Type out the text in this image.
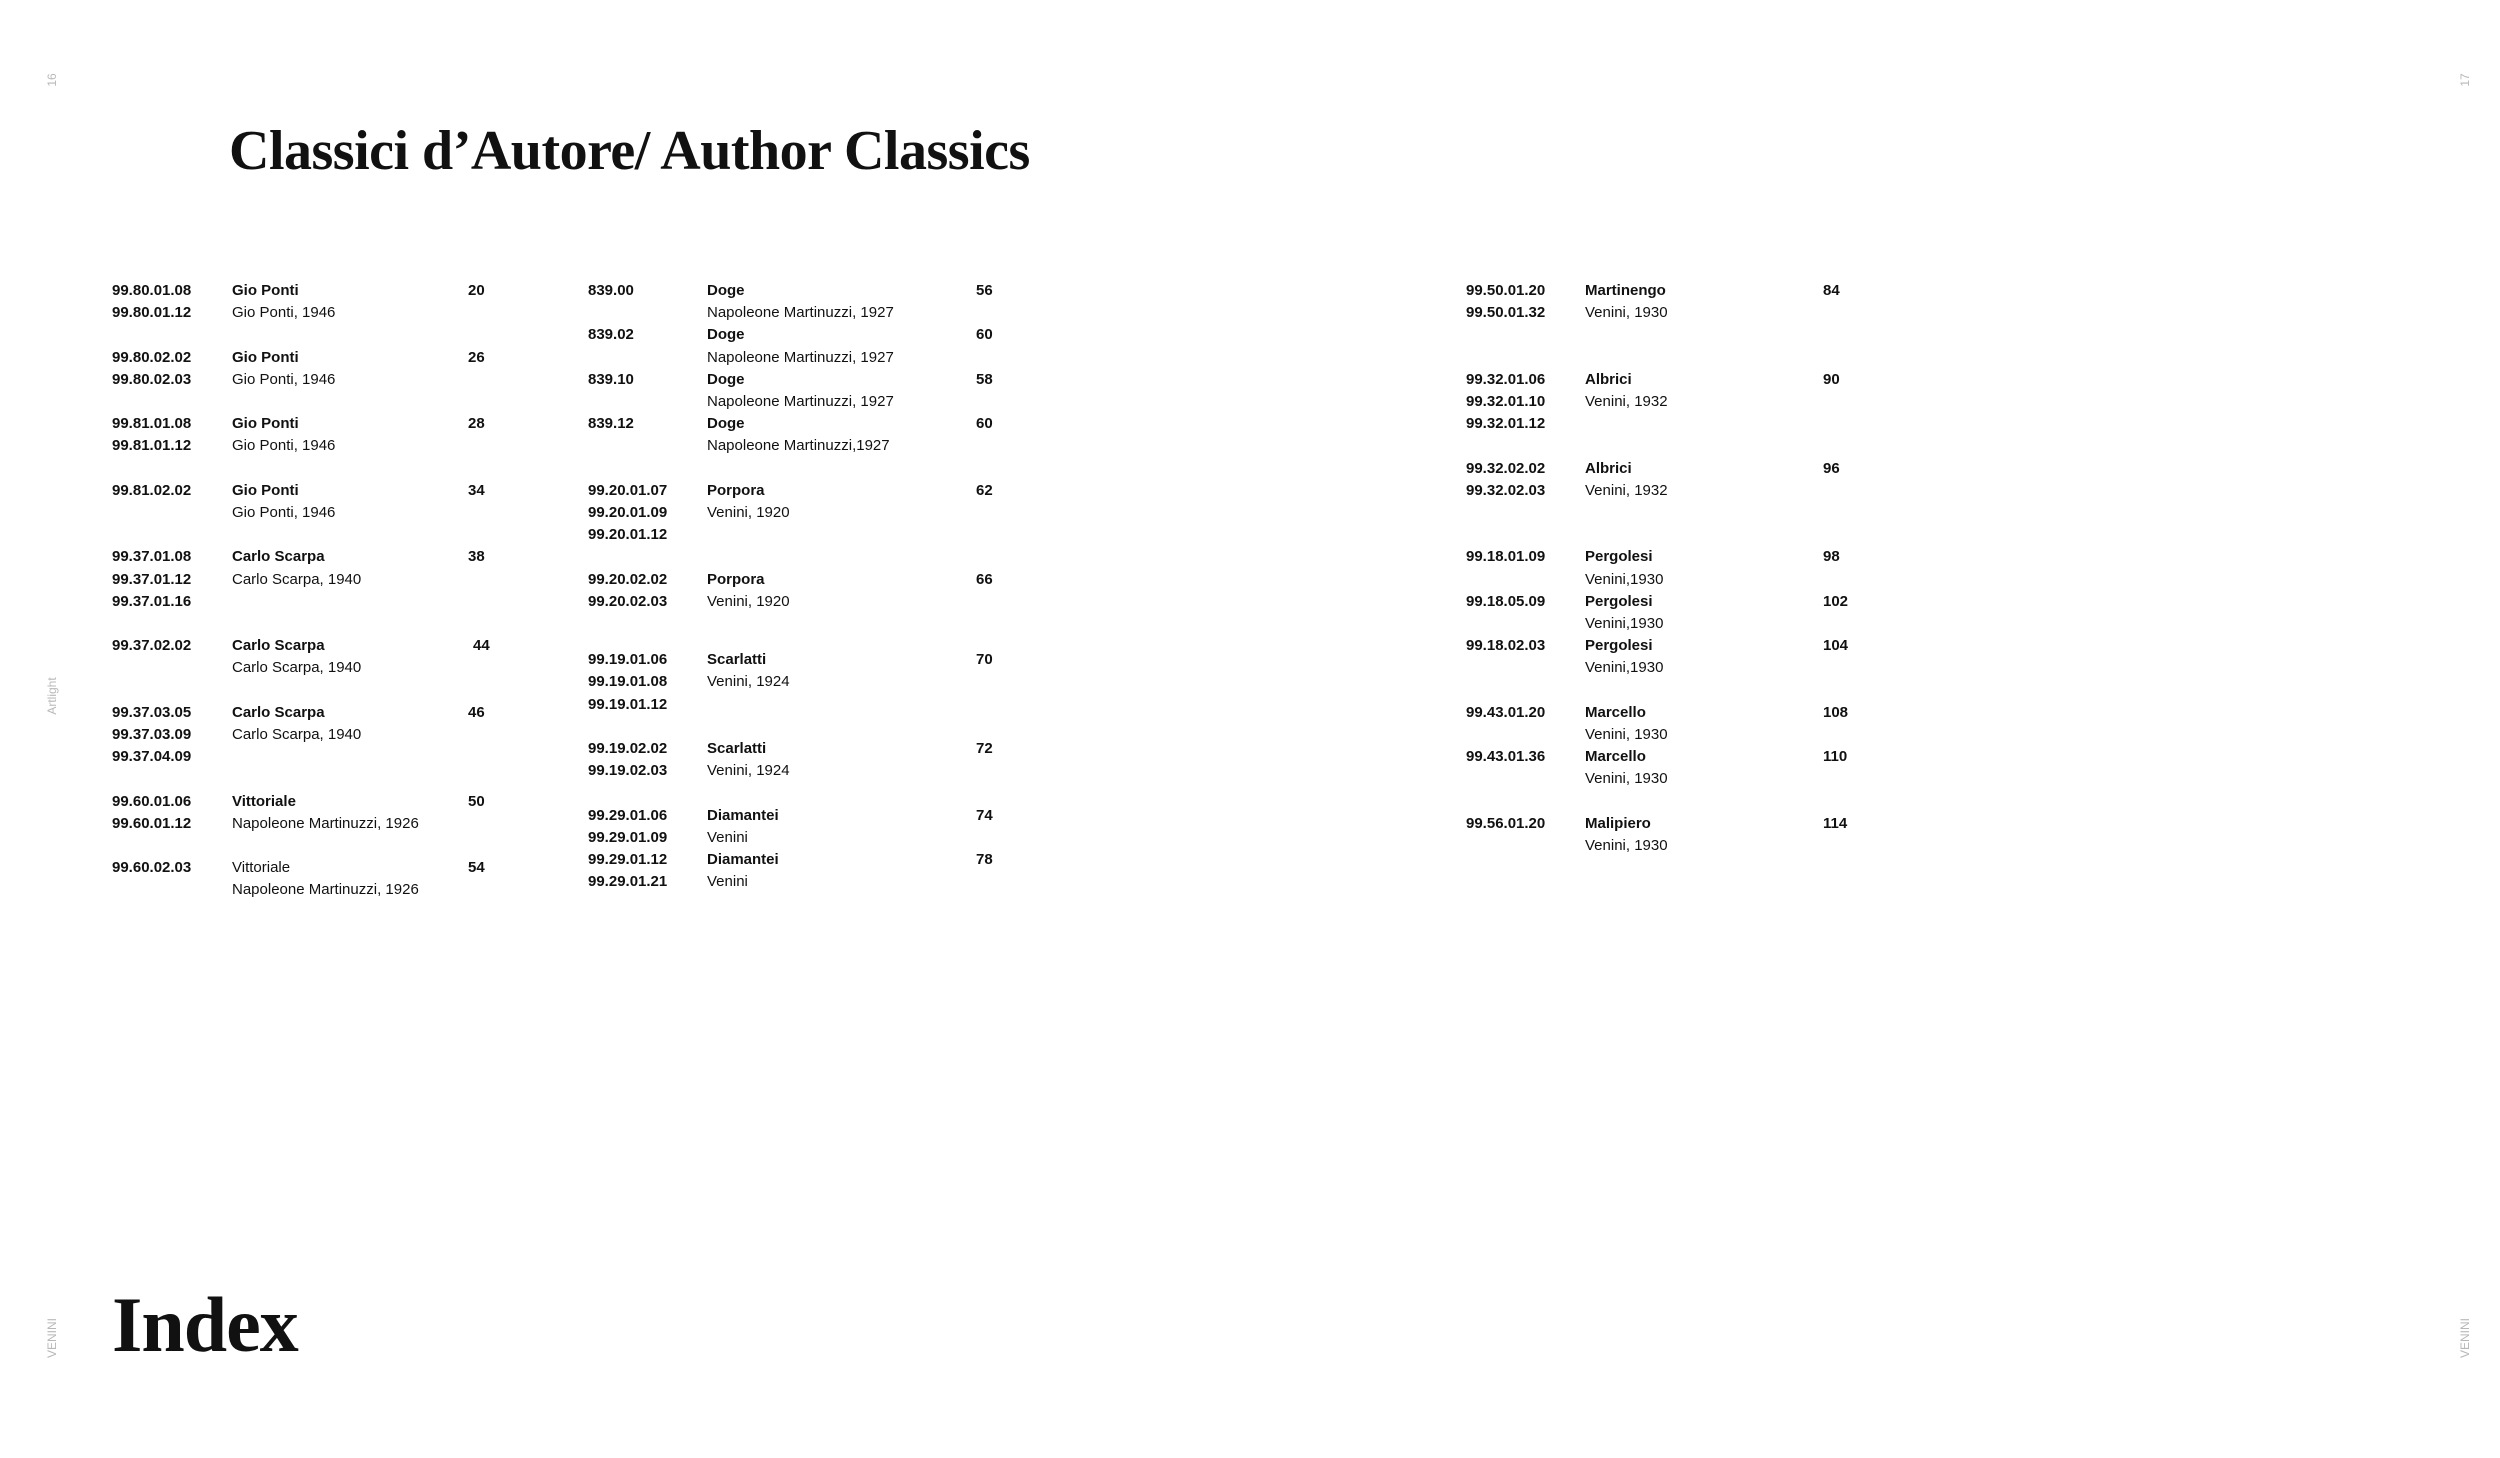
16	17
Artlight
VENINI	VENINI
Classici d’Autore/ Author Classics
99.80.01.08	Gio Ponti	20
99.80.01.12	Gio Ponti, 1946
99.80.02.02	Gio Ponti	26
99.80.02.03	Gio Ponti, 1946
99.81.01.08	Gio Ponti	28
99.81.01.12	Gio Ponti, 1946
99.81.02.02	Gio Ponti	34
Gio Ponti, 1946
99.37.01.08	Carlo Scarpa	38
99.37.01.12	Carlo Scarpa, 1940
99.37.01.16
99.37.02.02	Carlo Scarpa	44
Carlo Scarpa, 1940
99.37.03.05	Carlo Scarpa	46
99.37.03.09	Carlo Scarpa, 1940
99.37.04.09
99.60.01.06	Vittoriale	50
99.60.01.12	Napoleone Martinuzzi, 1926
99.60.02.03	Vittoriale	54
Napoleone Martinuzzi, 1926
839.00	Doge	56
Napoleone Martinuzzi, 1927
839.02	Doge	60
Napoleone Martinuzzi, 1927
839.10	Doge	58
Napoleone Martinuzzi, 1927
839.12	Doge	60
Napoleone Martinuzzi,1927
99.20.01.07	Porpora	62
99.20.01.09	Venini, 1920
99.20.01.12
99.20.02.02	Porpora	66
99.20.02.03	Venini, 1920
99.19.01.06	Scarlatti	70
99.19.01.08	Venini, 1924
99.19.01.12
99.19.02.02	Scarlatti	72
99.19.02.03	Venini, 1924
99.29.01.06	Diamantei	74
99.29.01.09	Venini
99.29.01.12	Diamantei	78
99.29.01.21	Venini
99.50.01.20	Martinengo	84
99.50.01.32	Venini, 1930
99.32.01.06	Albrici	90
99.32.01.10	Venini, 1932
99.32.01.12
99.32.02.02	Albrici	96
99.32.02.03	Venini, 1932
99.18.01.09	Pergolesi	98
Venini,1930
99.18.05.09	Pergolesi	102
Venini,1930
99.18.02.03	Pergolesi	104
Venini,1930
99.43.01.20	Marcello	108
Venini, 1930
99.43.01.36	Marcello	110
Venini, 1930
99.56.01.20	Malipiero	114
Venini, 1930
Index
